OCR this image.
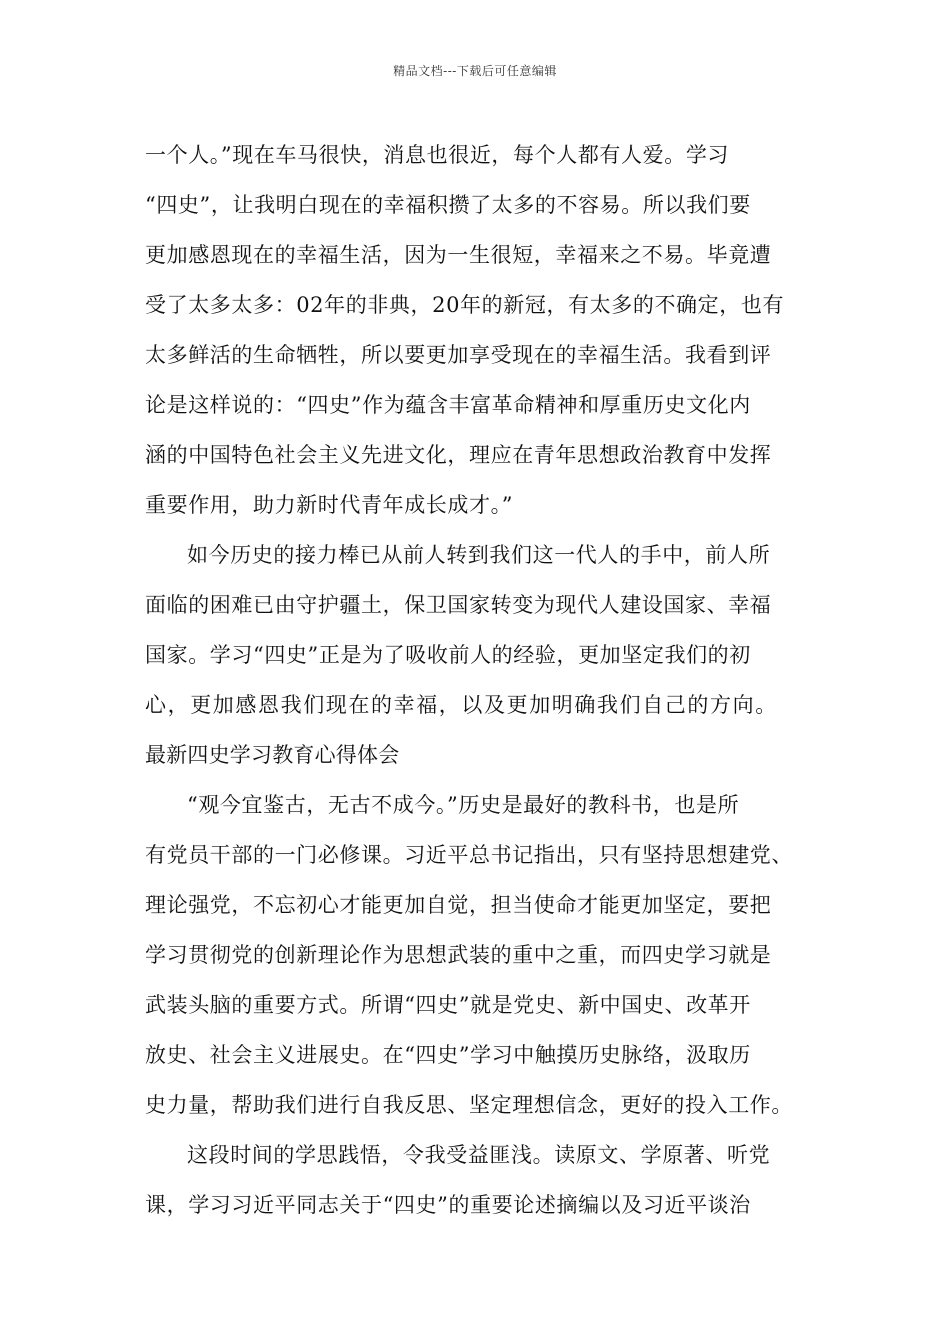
精品文档---下载后可任意编辑
一个人。”现在车马很快，消息也很近，每个人都有人爱。学习
“四史”，让我明白现在的幸福积攒了太多的不容易。所以我们要
更加感恩现在的幸福生活，因为一生很短，幸福来之不易。毕竟遭
受了太多太多：02年的非典，20年的新冠，有太多的不确定，也有
太多鲜活的生命牺牲，所以要更加享受现在的幸福生活。我看到评
论是这样说的：“四史”作为蕴含丰富革命精神和厚重历史文化内
涵的中国特色社会主义先进文化，理应在青年思想政治教育中发挥
重要作用，助力新时代青年成长成才。”
如今历史的接力棒已从前人转到我们这一代人的手中，前人所
面临的困难已由守护疆土，保卫国家转变为现代人建设国家、幸福
国家。学习“四史”正是为了吸收前人的经验，更加坚定我们的初
心，更加感恩我们现在的幸福，以及更加明确我们自己的方向。
最新四史学习教育心得体会
“观今宜鉴古，无古不成今。”历史是最好的教科书，也是所
有党员干部的一门必修课。习近平总书记指出，只有坚持思想建党、
理论强党，不忘初心才能更加自觉，担当使命才能更加坚定，要把
学习贯彻党的创新理论作为思想武装的重中之重，而四史学习就是
武装头脑的重要方式。所谓“四史”就是党史、新中国史、改革开
放史、社会主义进展史。在“四史”学习中触摸历史脉络，汲取历
史力量，帮助我们进行自我反思、坚定理想信念，更好的投入工作。
这段时间的学思践悟，令我受益匪浅。读原文、学原著、听党
课，学习习近平同志关于“四史”的重要论述摘编以及习近平谈治
